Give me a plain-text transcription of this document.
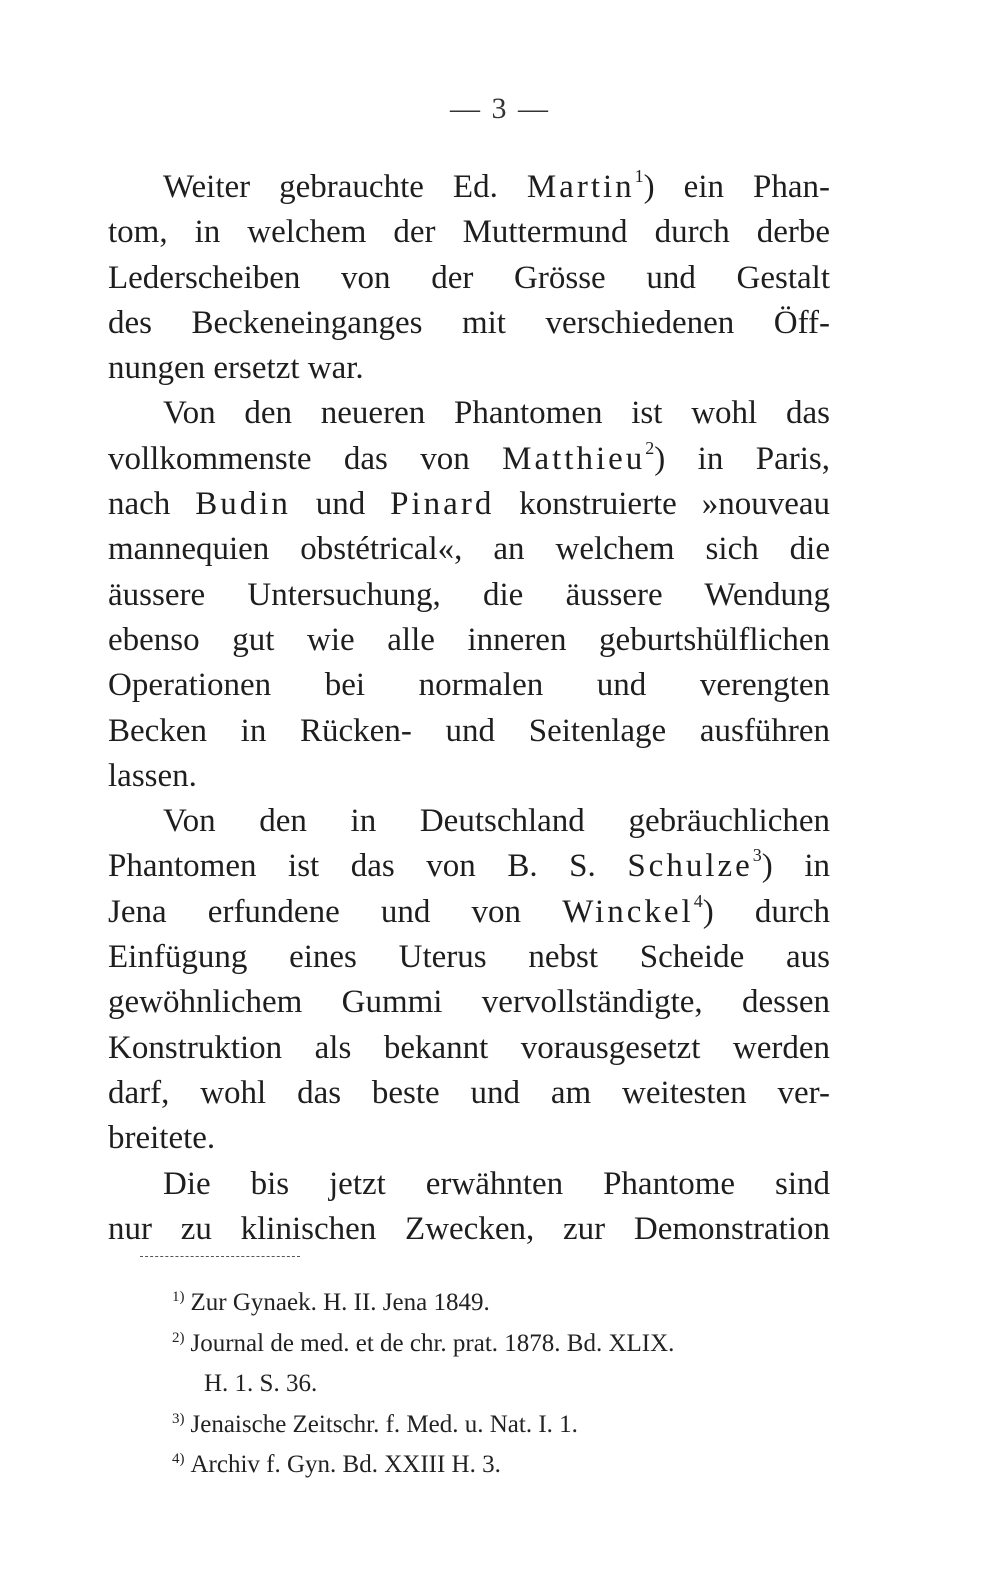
— 3 —
Weiter gebrauchte Ed. Martin$^1$) ein Phan-
tom, in welchem der Muttermund durch derbe
Lederscheiben von der Grösse und Gestalt
des Beckeneinganges mit verschiedenen Öff-
nungen ersetzt war.
Von den neueren Phantomen ist wohl das
vollkommenste das von Matthieu$^2$) in Paris,
nach Budin und Pinard konstruierte »nouveau
mannequien obstétrical«, an welchem sich die
äussere Untersuchung, die äussere Wendung
ebenso gut wie alle inneren geburtshülflichen
Operationen bei normalen und verengten
Becken in Rücken- und Seitenlage ausführen
lassen.
Von den in Deutschland gebräuchlichen
Phantomen ist das von B. S. Schulze$^3$) in
Jena erfundene und von Winckel$^4$) durch
Einfügung eines Uterus nebst Scheide aus
gewöhnlichem Gummi vervollständigte, dessen
Konstruktion als bekannt vorausgesetzt werden
darf, wohl das beste und am weitesten ver-
breitete.
Die bis jetzt erwähnten Phantome sind
nur zu klinischen Zwecken, zur Demonstration
$^{1)}$ Zur Gynaek. H. II. Jena 1849.
$^{2)}$ Journal de med. et de chr. prat. 1878. Bd. XLIX.
H. 1. S. 36.
$^{3)}$ Jenaische Zeitschr. f. Med. u. Nat. I. 1.
$^{4)}$ Archiv f. Gyn. Bd. XXIII H. 3.
